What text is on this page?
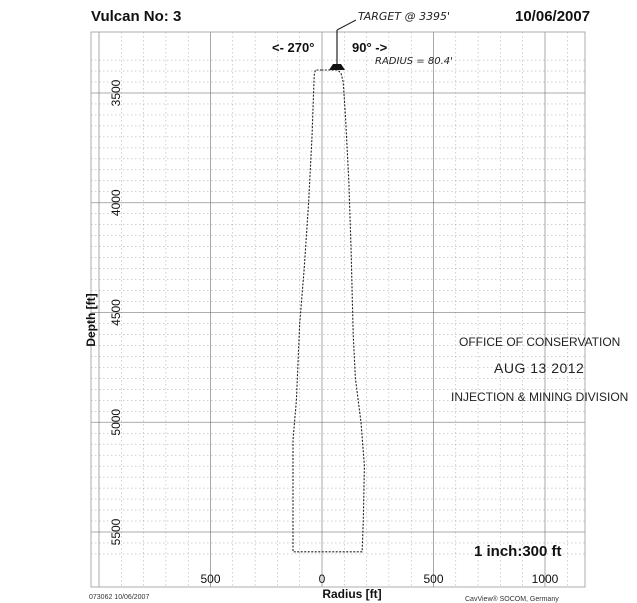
500	0	500	1000
3500
4000
4500
5000
5500
Radius [ft]
Depth [ft]
Vulcan No: 3	10/06/2007
<- 270°	90° ->
TARGET @ 3395'
RADIUS = 80.4'
OFFICE OF CONSERVATION
AUG 13 2012
INJECTION & MINING DIVISION
1 inch:300 ft
073062 10/06/2007	CavView® SOCOM, Germany
